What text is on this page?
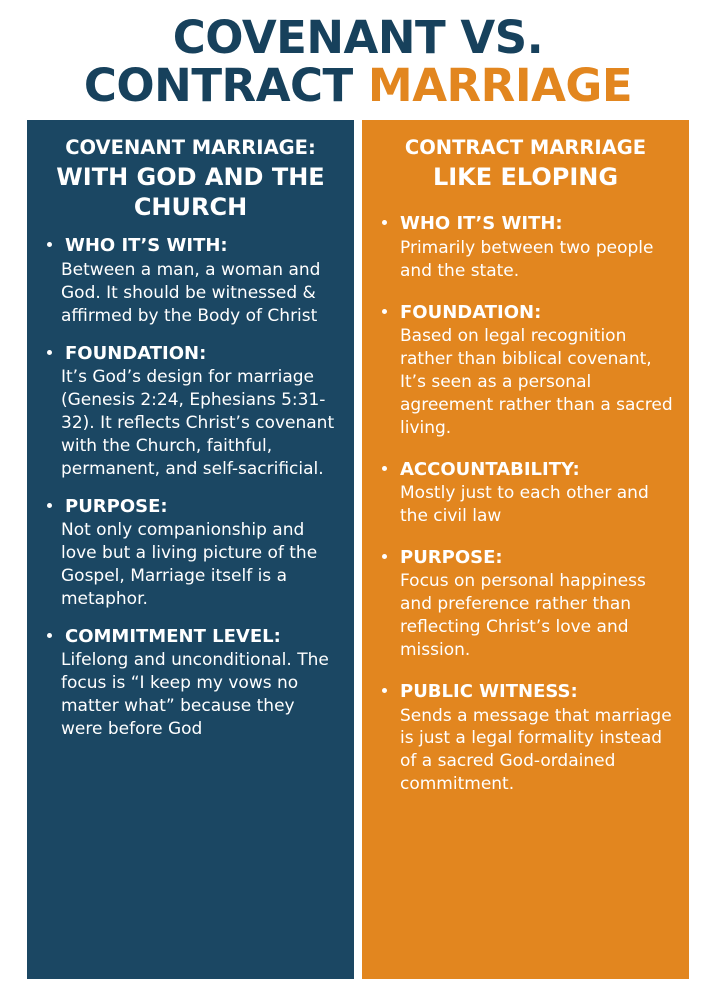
COVENANT VS.
CONTRACT MARRIAGE
COVENANT MARRIAGE:
WITH GOD AND THE CHURCH
WHO IT’S WITH:
Between a man, a woman and God. It should be witnessed & affirmed by the Body of Christ
FOUNDATION:
It’s God’s design for marriage (Genesis 2:24, Ephesians 5:31-32). It reflects Christ’s covenant with the Church, faithful, permanent, and self-sacrificial.
PURPOSE:
Not only companionship and love but a living picture of the Gospel, Marriage itself is a metaphor.
COMMITMENT LEVEL:
Lifelong and unconditional. The focus is “I keep my vows no matter what” because they were before God
CONTRACT MARRIAGE
LIKE ELOPING
WHO IT’S WITH:
Primarily between two people and the state.
FOUNDATION:
Based on legal recognition rather than biblical covenant, It’s seen as a personal agreement rather than a sacred living.
ACCOUNTABILITY:
Mostly just to each other and the civil law
PURPOSE:
Focus on personal happiness and preference rather than reflecting Christ’s love and mission.
PUBLIC WITNESS:
Sends a message that marriage is just a legal formality instead of a sacred God-ordained commitment.
